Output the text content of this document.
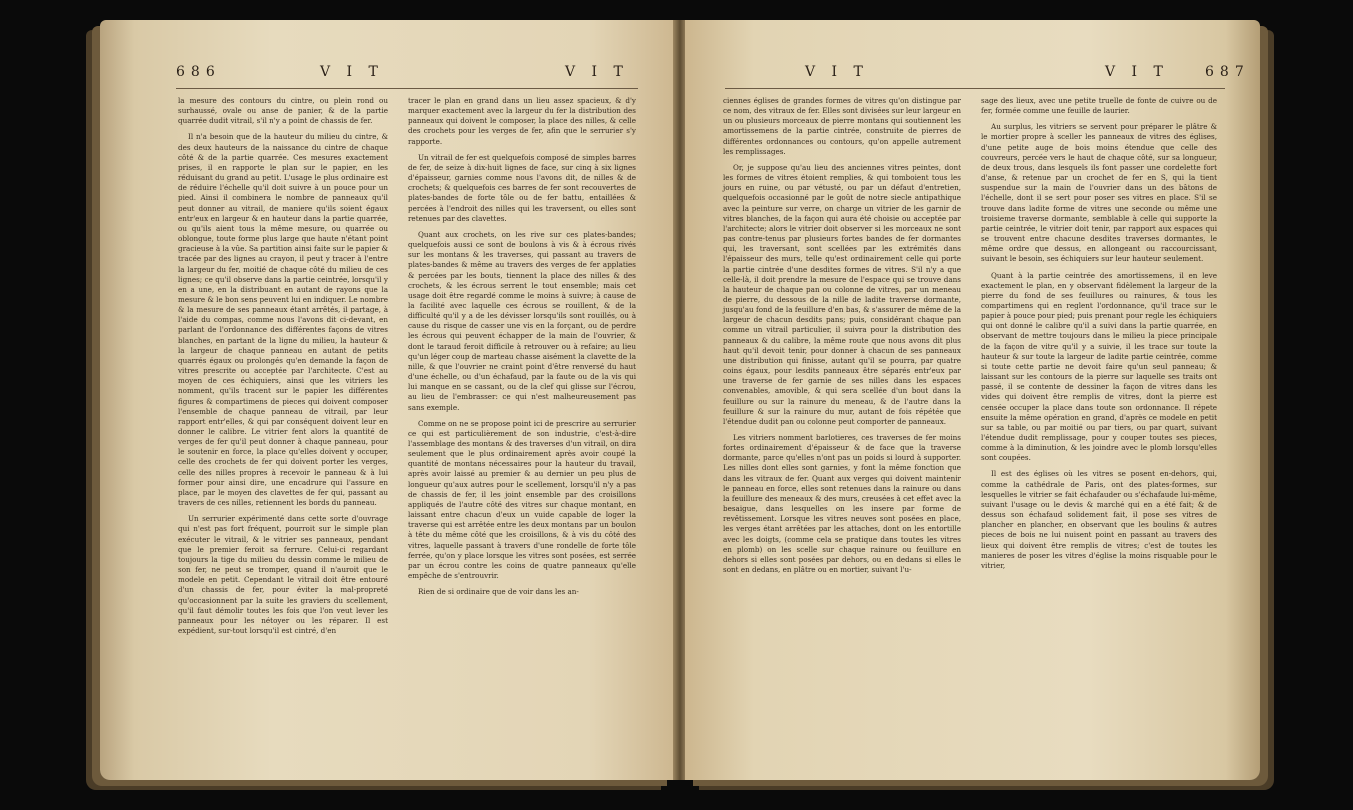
686	V I T	V I T

la mesure des contours du cintre, ou plein rond ou surhaussé, ovale ou anse de panier, & de la partie quarrée dudit vitrail, s'il n'y a point de chassis de fer.

Il n'a besoin que de la hauteur du milieu du cintre, & des deux hauteurs de la naissance du cintre de chaque côté & de la partie quarrée. Ces mesures exactement prises, il en rapporte le plan sur le papier, en les réduisant du grand au petit. L'usage le plus ordinaire est de réduire l'échelle qu'il doit suivre à un pouce pour un pied. Ainsi il combinera le nombre de panneaux qu'il peut donner au vitrail, de maniere qu'ils soient égaux entr'eux en largeur & en hauteur dans la partie quarrée, ou qu'ils aient tous la même mesure, ou quarrée ou oblongue, toute forme plus large que haute n'étant point gracieuse à la vûe. Sa partition ainsi faite sur le papier & tracée par des lignes au crayon, il peut y tracer à l'entre la largeur du fer, moitié de chaque côté du milieu de ces lignes; ce qu'il observe dans la partie ceintrée, lorsqu'il y en a une, en la distribuant en autant de rayons que la mesure & le bon sens peuvent lui en indiquer. Le nombre & la mesure de ses panneaux étant arrêtés, il partage, à l'aide du compas, comme nous l'avons dit ci-devant, en parlant de l'ordonnance des différentes façons de vitres blanches, en partant de la ligne du milieu, la hauteur & la largeur de chaque panneau en autant de petits quarrés égaux ou prolongés qu'en demande la façon de vitres prescrite ou acceptée par l'architecte. C'est au moyen de ces échiquiers, ainsi que les vitriers les nomment, qu'ils tracent sur le papier les différentes figures & compartimens de pieces qui doivent composer l'ensemble de chaque panneau de vitrail, par leur rapport entr'elles, & qui par conséquent doivent leur en donner le calibre. Le vitrier fent alors la quantité de verges de fer qu'il peut donner à chaque panneau, pour le soutenir en force, la place qu'elles doivent y occuper, celle des crochets de fer qui doivent porter les verges, celle des nilles propres à recevoir le panneau & à lui former pour ainsi dire, une encadrure qui l'assure en place, par le moyen des clavettes de fer qui, passant au travers de ces nilles, retiennent les bords du panneau.

Un serrurier expérimenté dans cette sorte d'ouvrage qui n'est pas fort fréquent, pourroit sur le simple plan exécuter le vitrail, & le vitrier ses panneaux, pendant que le premier feroit sa ferrure. Celui-ci regardant toujours la tige du milieu du dessin comme le milieu de son fer, ne peut se tromper, quand il n'auroit que le modele en petit. Cependant le vitrail doit être entouré d'un chassis de fer, pour éviter la mal-propreté qu'occasionnent par la suite les graviers du scellement, qu'il faut démolir toutes les fois que l'on veut lever les panneaux pour les nétoyer ou les réparer. Il est expédient, sur-tout lorsqu'il est cintré, d'en

tracer le plan en grand dans un lieu assez spacieux, & d'y marquer exactement avec la largeur du fer la distribution des panneaux qui doivent le composer, la place des nilles, & celle des crochets pour les verges de fer, afin que le serrurier s'y rapporte.

Un vitrail de fer est quelquefois composé de simples barres de fer, de seize à dix-huit lignes de face, sur cinq à six lignes d'épaisseur, garnies comme nous l'avons dit, de nilles & de crochets; & quelquefois ces barres de fer sont recouvertes de plates-bandes de forte tôle ou de fer battu, entaillées & percées à l'endroit des nilles qui les traversent, ou elles sont retenues par des clavettes.

Quant aux crochets, on les rive sur ces plates-bandes; quelquefois aussi ce sont de boulons à vis & à écrous rivés sur les montans & les traverses, qui passant au travers de plates-bandes & même au travers des verges de fer applaties & percées par les bouts, tiennent la place des nilles & des crochets, & les écrous serrent le tout ensemble; mais cet usage doit être regardé comme le moins à suivre; à cause de la facilité avec laquelle ces écrous se rouillent, & de la difficulté qu'il y a de les dévisser lorsqu'ils sont rouillés, ou à cause du risque de casser une vis en la forçant, ou de perdre les écrous qui peuvent échapper de la main de l'ouvrier, & dont le taraud feroit difficile à retrouver ou à refaire; au lieu qu'un léger coup de marteau chasse aisément la clavette de la nille, & que l'ouvrier ne craint point d'être renversé du haut d'une échelle, ou d'un échafaud, par la faute ou de la vis qui lui manque en se cassant, ou de la clef qui glisse sur l'écrou, au lieu de l'embrasser: ce qui n'est malheureusement pas sans exemple.

Comme on ne se propose point ici de prescrire au serrurier ce qui est particulièrement de son industrie, c'est-à-dire l'assemblage des montans & des traverses d'un vitrail, on dira seulement que le plus ordinairement après avoir coupé la quantité de montans nécessaires pour la hauteur du travail, après avoir laissé au premier & au dernier un peu plus de longueur qu'aux autres pour le scellement, lorsqu'il n'y a pas de chassis de fer, il les joint ensemble par des croisillons appliqués de l'autre côté des vitres sur chaque montant, en laissant entre chacun d'eux un vuide capable de loger la traverse qui est arrêtée entre les deux montans par un boulon à tête du même côté que les croisillons, & à vis du côté des vitres, laquelle passant à travers d'une rondelle de forte tôle ferrée, qu'on y place lorsque les vitres sont posées, est serrée par un écrou contre les coins de quatre panneaux qu'elle empêche de s'entrouvrir.

Rien de si ordinaire que de voir dans les an-

V I T	V I T	687

ciennes églises de grandes formes de vitres qu'on distingue par ce nom, des vitraux de fer. Elles sont divisées sur leur largeur en un ou plusieurs morceaux de pierre montans qui soutiennent les amortissemens de la partie cintrée, construite de pierres de différentes ordonnances ou contours, qu'on appelle autrement les remplissages.

Or, je suppose qu'au lieu des anciennes vitres peintes, dont les formes de vitres étoient remplies, & qui tomboient tous les jours en ruine, ou par vétusté, ou par un défaut d'entretien, quelquefois occasionné par le goût de notre siecle antipathique avec la peinture sur verre, on charge un vitrier de les garnir de vitres blanches, de la façon qui aura été choisie ou acceptée par l'architecte; alors le vitrier doit observer si les morceaux ne sont pas contre-tenus par plusieurs fortes bandes de fer dormantes qui, les traversant, sont scellées par les extrémités dans l'épaisseur des murs, telle qu'est ordinairement celle qui porte la partie cintrée d'une desdites formes de vitres. S'il n'y a que celle-là, il doit prendre la mesure de l'espace qui se trouve dans la hauteur de chaque pan ou colonne de vitres, par un meneau de pierre, du dessous de la nille de ladite traverse dormante, jusqu'au fond de la feuillure d'en bas, & s'assurer de même de la largeur de chacun desdits pans; puis, considérant chaque pan comme un vitrail particulier, il suivra pour la distribution des panneaux & du calibre, la même route que nous avons dit plus haut qu'il devoit tenir, pour donner à chacun de ses panneaux une distribution qui finisse, autant qu'il se pourra, par quatre coins égaux, pour lesdits panneaux être séparés entr'eux par une traverse de fer garnie de ses nilles dans les espaces convenables, amovible, & qui sera scellée d'un bout dans la feuillure ou sur la rainure du meneau, & de l'autre dans la feuillure & sur la rainure du mur, autant de fois répétée que l'étendue dudit pan ou colonne peut comporter de panneaux.

Les vitriers nomment barlotieres, ces traverses de fer moins fortes ordinairement d'épaisseur & de face que la traverse dormante, parce qu'elles n'ont pas un poids si lourd à supporter. Les nilles dont elles sont garnies, y font la même fonction que dans les vitraux de fer. Quant aux verges qui doivent maintenir le panneau en force, elles sont retenues dans la rainure ou dans la feuillure des meneaux & des murs, creusées à cet effet avec la besaigue, dans lesquelles on les insere par forme de revêtissement. Lorsque les vitres neuves sont posées en place, les verges étant arrêtées par les attaches, dont on les entortille avec les doigts, (comme cela se pratique dans toutes les vitres en plomb) on les scelle sur chaque rainure ou feuillure en dehors si elles sont posées par dehors, ou en dedans si elles le sont en dedans, en plâtre ou en mortier, suivant l'u-

sage des lieux, avec une petite truelle de fonte de cuivre ou de fer, formée comme une feuille de laurier.

Au surplus, les vitriers se servent pour préparer le plâtre & le mortier propre à sceller les panneaux de vitres des églises, d'une petite auge de bois moins étendue que celle des couvreurs, percée vers le haut de chaque côté, sur sa longueur, de deux trous, dans lesquels ils font passer une cordelette fort d'anse, & retenue par un crochet de fer en S, qui la tient suspendue sur la main de l'ouvrier dans un des bâtons de l'échelle, dont il se sert pour poser ses vitres en place. S'il se trouve dans ladite forme de vitres une seconde ou même une troisieme traverse dormante, semblable à celle qui supporte la partie ceintrée, le vitrier doit tenir, par rapport aux espaces qui se trouvent entre chacune desdites traverses dormantes, le même ordre que dessus, en allongeant ou raccourcissant, suivant le besoin, ses échiquiers sur leur hauteur seulement.

Quant à la partie ceintrée des amortissemens, il en leve exactement le plan, en y observant fidèlement la largeur de la pierre du fond de ses feuillures ou rainures, & tous les compartimens qui en reglent l'ordonnance, qu'il trace sur le papier à pouce pour pied; puis prenant pour regle les échiquiers qui ont donné le calibre qu'il a suivi dans la partie quarrée, en observant de mettre toujours dans le milieu la piece principale de la façon de vitre qu'il y a suivie, il les trace sur toute la hauteur & sur toute la largeur de ladite partie ceintrée, comme si toute cette partie ne devoit faire qu'un seul panneau; & laissant sur les contours de la pierre sur laquelle ses traits ont passé, il se contente de dessiner la façon de vitres dans les vides qui doivent être remplis de vitres, dont la pierre est censée occuper la place dans toute son ordonnance. Il répete ensuite la même opération en grand, d'après ce modele en petit sur sa table, ou par moitié ou par tiers, ou par quart, suivant l'étendue dudit remplissage, pour y couper toutes ses pieces, comme à la diminution, & les joindre avec le plomb lorsqu'elles sont coupées.

Il est des églises où les vitres se posent en-dehors, qui, comme la cathédrale de Paris, ont des plates-formes, sur lesquelles le vitrier se fait échafauder ou s'échafaude lui-même, suivant l'usage ou le devis & marché qui en a été fait; & de dessus son échafaud solidement fait, il pose ses vitres de plancher en plancher, en observant que les boulins & autres pieces de bois ne lui nuisent point en passant au travers des lieux qui doivent être remplis de vitres; c'est de toutes les manieres de poser les vitres d'église la moins risquable pour le vitrier,
